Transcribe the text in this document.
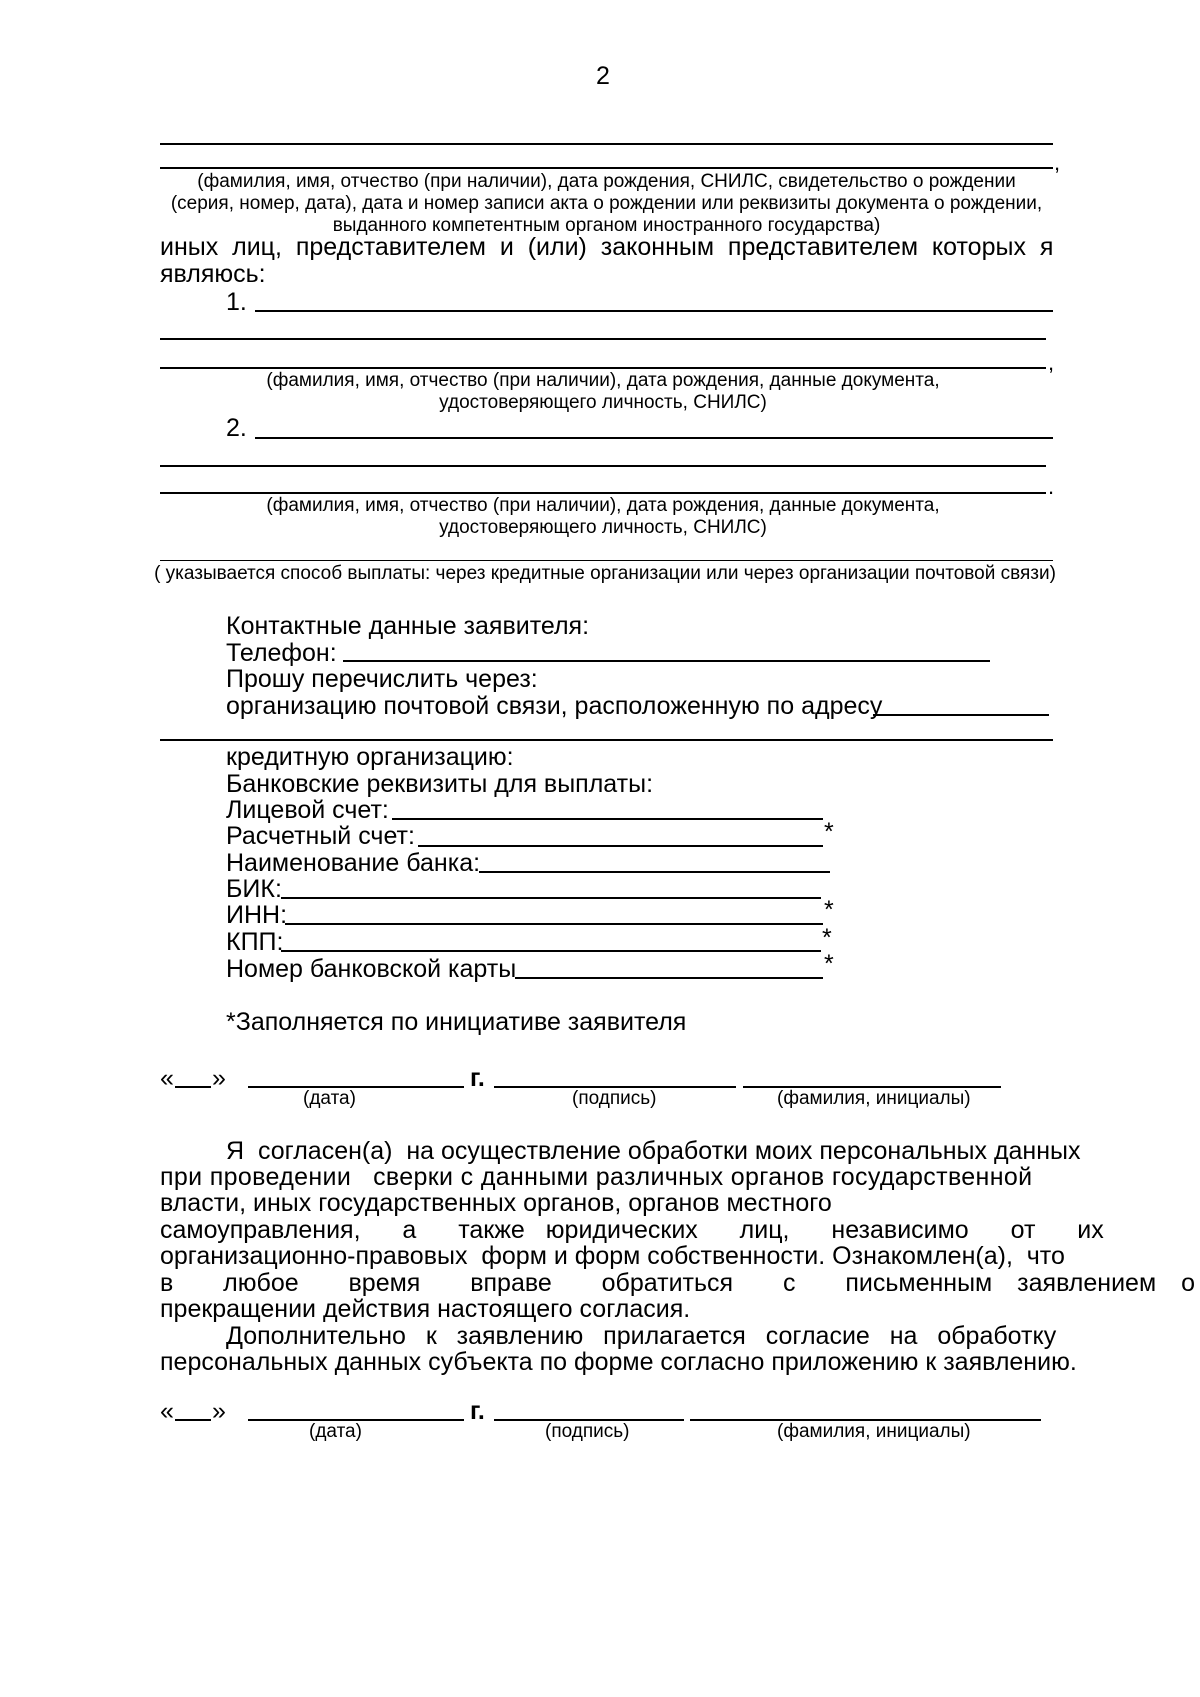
2
,
(фамилия, имя, отчество (при наличии), дата рождения, СНИЛС, свидетельство о рождении
(серия, номер, дата), дата и номер записи акта о рождении или реквизиты документа о рождении,
выданного компетентным органом иностранного государства)
иных  лиц,  представителем  и  (или)  законным  представителем  которых  я
являюсь:
1.
,
(фамилия, имя, отчество (при наличии), дата рождения, данные документа,
удостоверяющего личность, СНИЛС)
2.
.
(фамилия, имя, отчество (при наличии), дата рождения, данные документа,
удостоверяющего личность, СНИЛС)
( указывается способ выплаты: через кредитные организации или через организации почтовой связи)
Контактные данные заявителя:
Телефон:
Прошу перечислить через:
организацию почтовой связи, расположенную по адресу
кредитную организацию:
Банковские реквизиты для выплаты:
Лицевой счет:
Расчетный счет:	*
Наименование банка:
БИК:
ИНН:	*
КПП:	*
Номер банковской карты	*
*Заполняется по инициативе заявителя
« »	г.
(дата)	(подпись)	(фамилия, инициалы)
Я  согласен(а)  на осуществление обработки моих персональных данных
при проведении   сверки с данными различных органов государственной
власти, иных государственных органов, органов местного
самоуправления,  а  также юридических  лиц,  независимо  от  их
организационно-правовых  форм и форм собственности. Ознакомлен(а),  что
в  любое  время  вправе  обратиться  с  письменным заявлением о
прекращении действия настоящего согласия.
Дополнительно  к  заявлению  прилагается  согласие  на  обработку
персональных данных субъекта по форме согласно приложению к заявлению.
« »	г.
(дата)	(подпись)	(фамилия, инициалы)
